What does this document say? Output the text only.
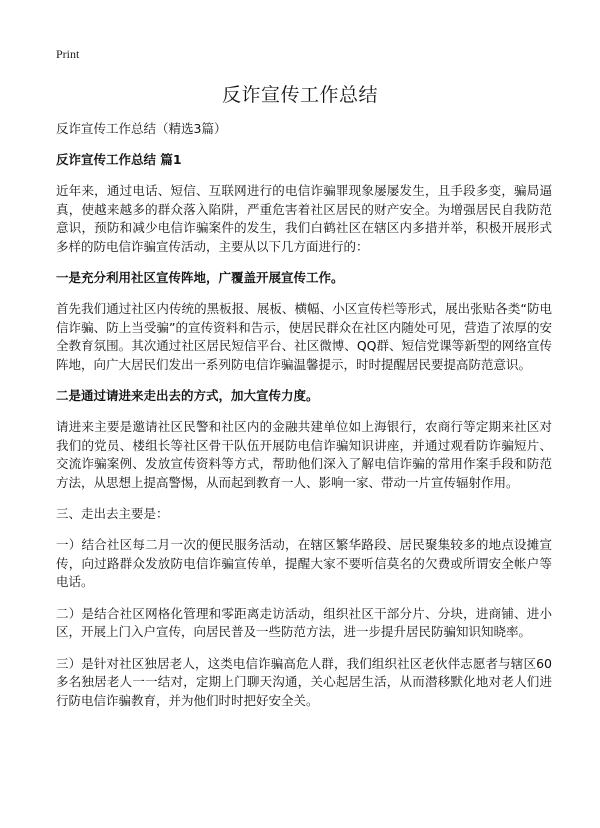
Print
反诈宣传工作总结

反诈宣传工作总结（精选3篇）

反诈宣传工作总结 篇1

近年来，通过电话、短信、互联网进行的电信诈骗罪现象屡屡发生，且手段多变，骗局逼真，使越来越多的群众落入陷阱，严重危害着社区居民的财产安全。为增强居民自我防范意识，预防和减少电信诈骗案件的发生，我们白鹤社区在辖区内多措并举，积极开展形式多样的防电信诈骗宣传活动，主要从以下几方面进行的：

一是充分利用社区宣传阵地，广覆盖开展宣传工作。

首先我们通过社区内传统的黑板报、展板、横幅、小区宣传栏等形式，展出张贴各类“防电信诈骗、防上当受骗”的宣传资料和告示，使居民群众在社区内随处可见，营造了浓厚的安全教育氛围。其次通过社区居民短信平台、社区微博、QQ群、短信党课等新型的网络宣传阵地，向广大居民们发出一系列防电信诈骗温馨提示，时时提醒居民要提高防范意识。

二是通过请进来走出去的方式，加大宣传力度。

请进来主要是邀请社区民警和社区内的金融共建单位如上海银行，农商行等定期来社区对我们的党员、楼组长等社区骨干队伍开展防电信诈骗知识讲座，并通过观看防诈骗短片、交流诈骗案例、发放宣传资料等方式，帮助他们深入了解电信诈骗的常用作案手段和防范方法，从思想上提高警惕，从而起到教育一人、影响一家、带动一片宣传辐射作用。

三、走出去主要是：

一）结合社区每二月一次的便民服务活动，在辖区繁华路段、居民聚集较多的地点设摊宣传，向过路群众发放防电信诈骗宣传单，提醒大家不要听信莫名的欠费或所谓安全帐户等电话。

二）是结合社区网格化管理和零距离走访活动，组织社区干部分片、分块，进商铺、进小区，开展上门入户宣传，向居民普及一些防范方法，进一步提升居民防骗知识知晓率。

三）是针对社区独居老人，这类电信诈骗高危人群，我们组织社区老伙伴志愿者与辖区60多名独居老人一一结对，定期上门聊天沟通，关心起居生活，从而潜移默化地对老人们进行防电信诈骗教育，并为他们时时把好安全关。
